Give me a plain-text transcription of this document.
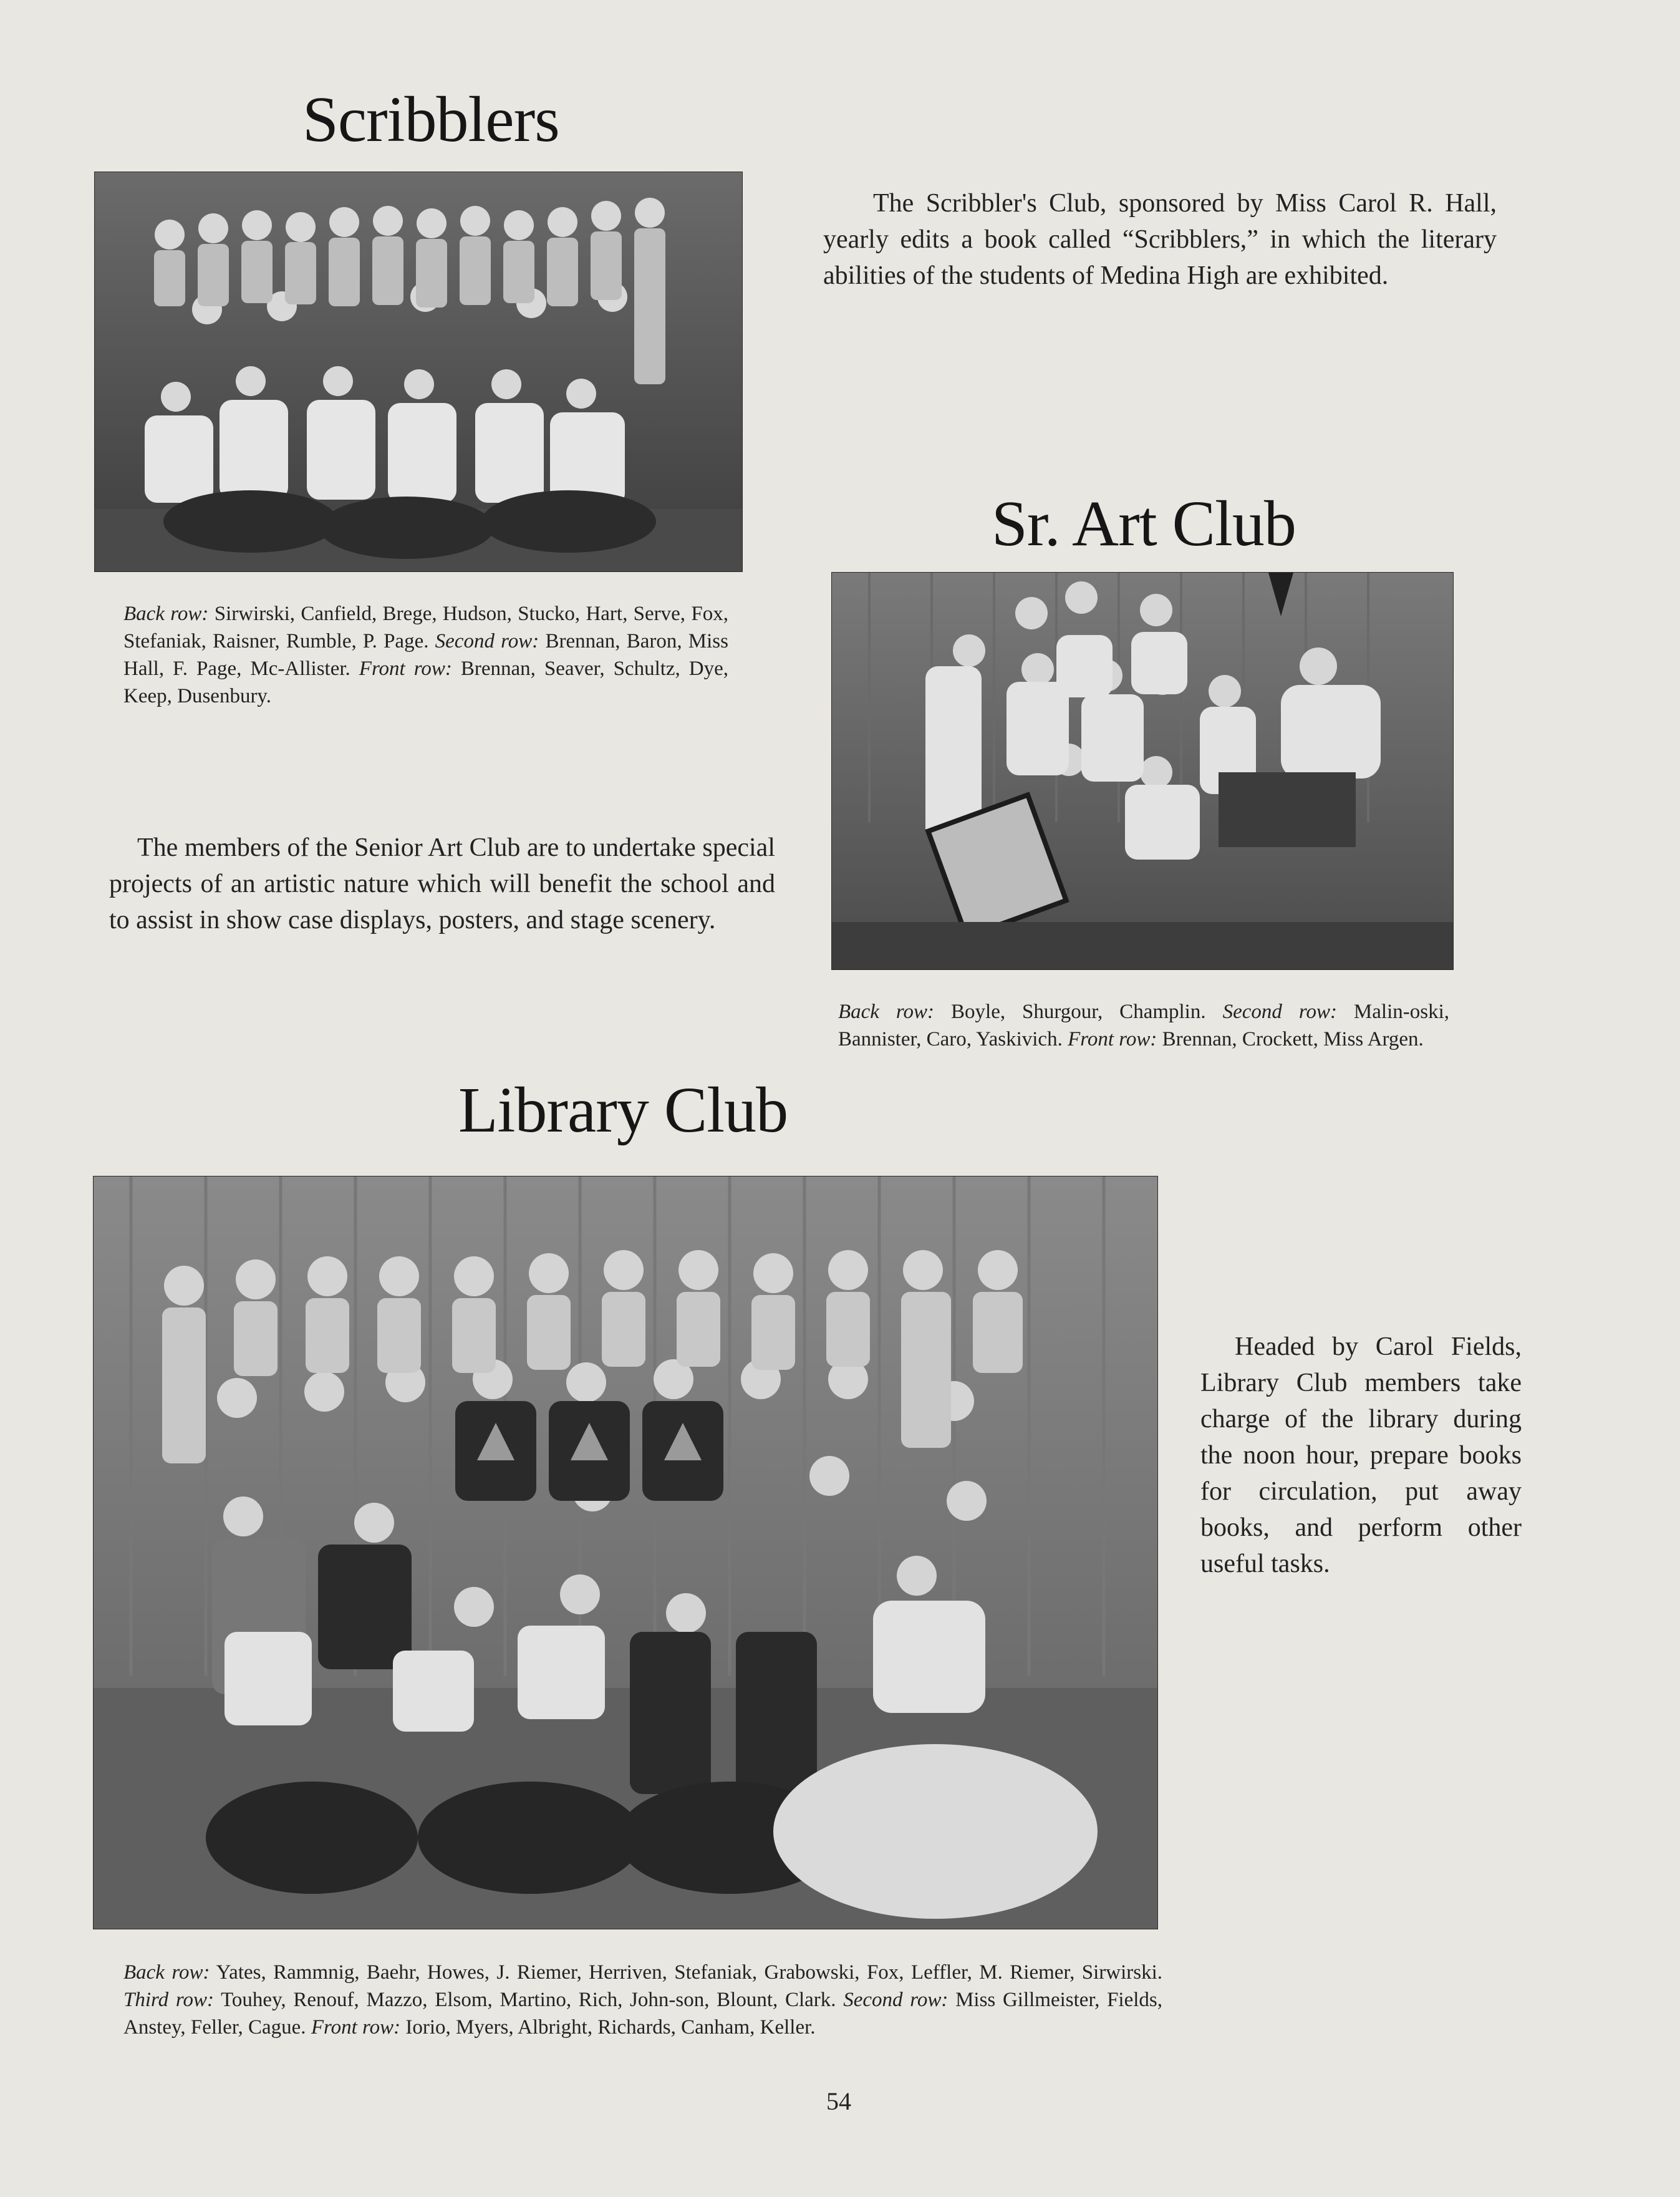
Scribblers
The Scribbler's Club, sponsored by Miss Carol R. Hall, yearly edits a book called “Scribblers,” in which the literary abilities of the students of Medina High are exhibited.
Back row: Sirwirski, Canfield, Brege, Hudson, Stucko, Hart, Serve, Fox, Stefaniak, Raisner, Rumble, P. Page. Second row: Brennan, Baron, Miss Hall, F. Page, Mc-Allister. Front row: Brennan, Seaver, Schultz, Dye, Keep, Dusenbury.
Sr. Art Club
The members of the Senior Art Club are to undertake special projects of an artistic nature which will benefit the school and to assist in show case displays, posters, and stage scenery.
Back row: Boyle, Shurgour, Champlin. Second row: Malin-oski, Bannister, Caro, Yaskivich. Front row: Brennan, Crockett, Miss Argen.
Library Club
Headed by Carol Fields, Library Club members take charge of the library during the noon hour, prepare books for circulation, put away books, and perform other useful tasks.
Back row: Yates, Rammnig, Baehr, Howes, J. Riemer, Herriven, Stefaniak, Grabowski, Fox, Leffler, M. Riemer, Sirwirski. Third row: Touhey, Renouf, Mazzo, Elsom, Martino, Rich, John-son, Blount, Clark. Second row: Miss Gillmeister, Fields, Anstey, Feller, Cague. Front row: Iorio, Myers, Albright, Richards, Canham, Keller.
54
